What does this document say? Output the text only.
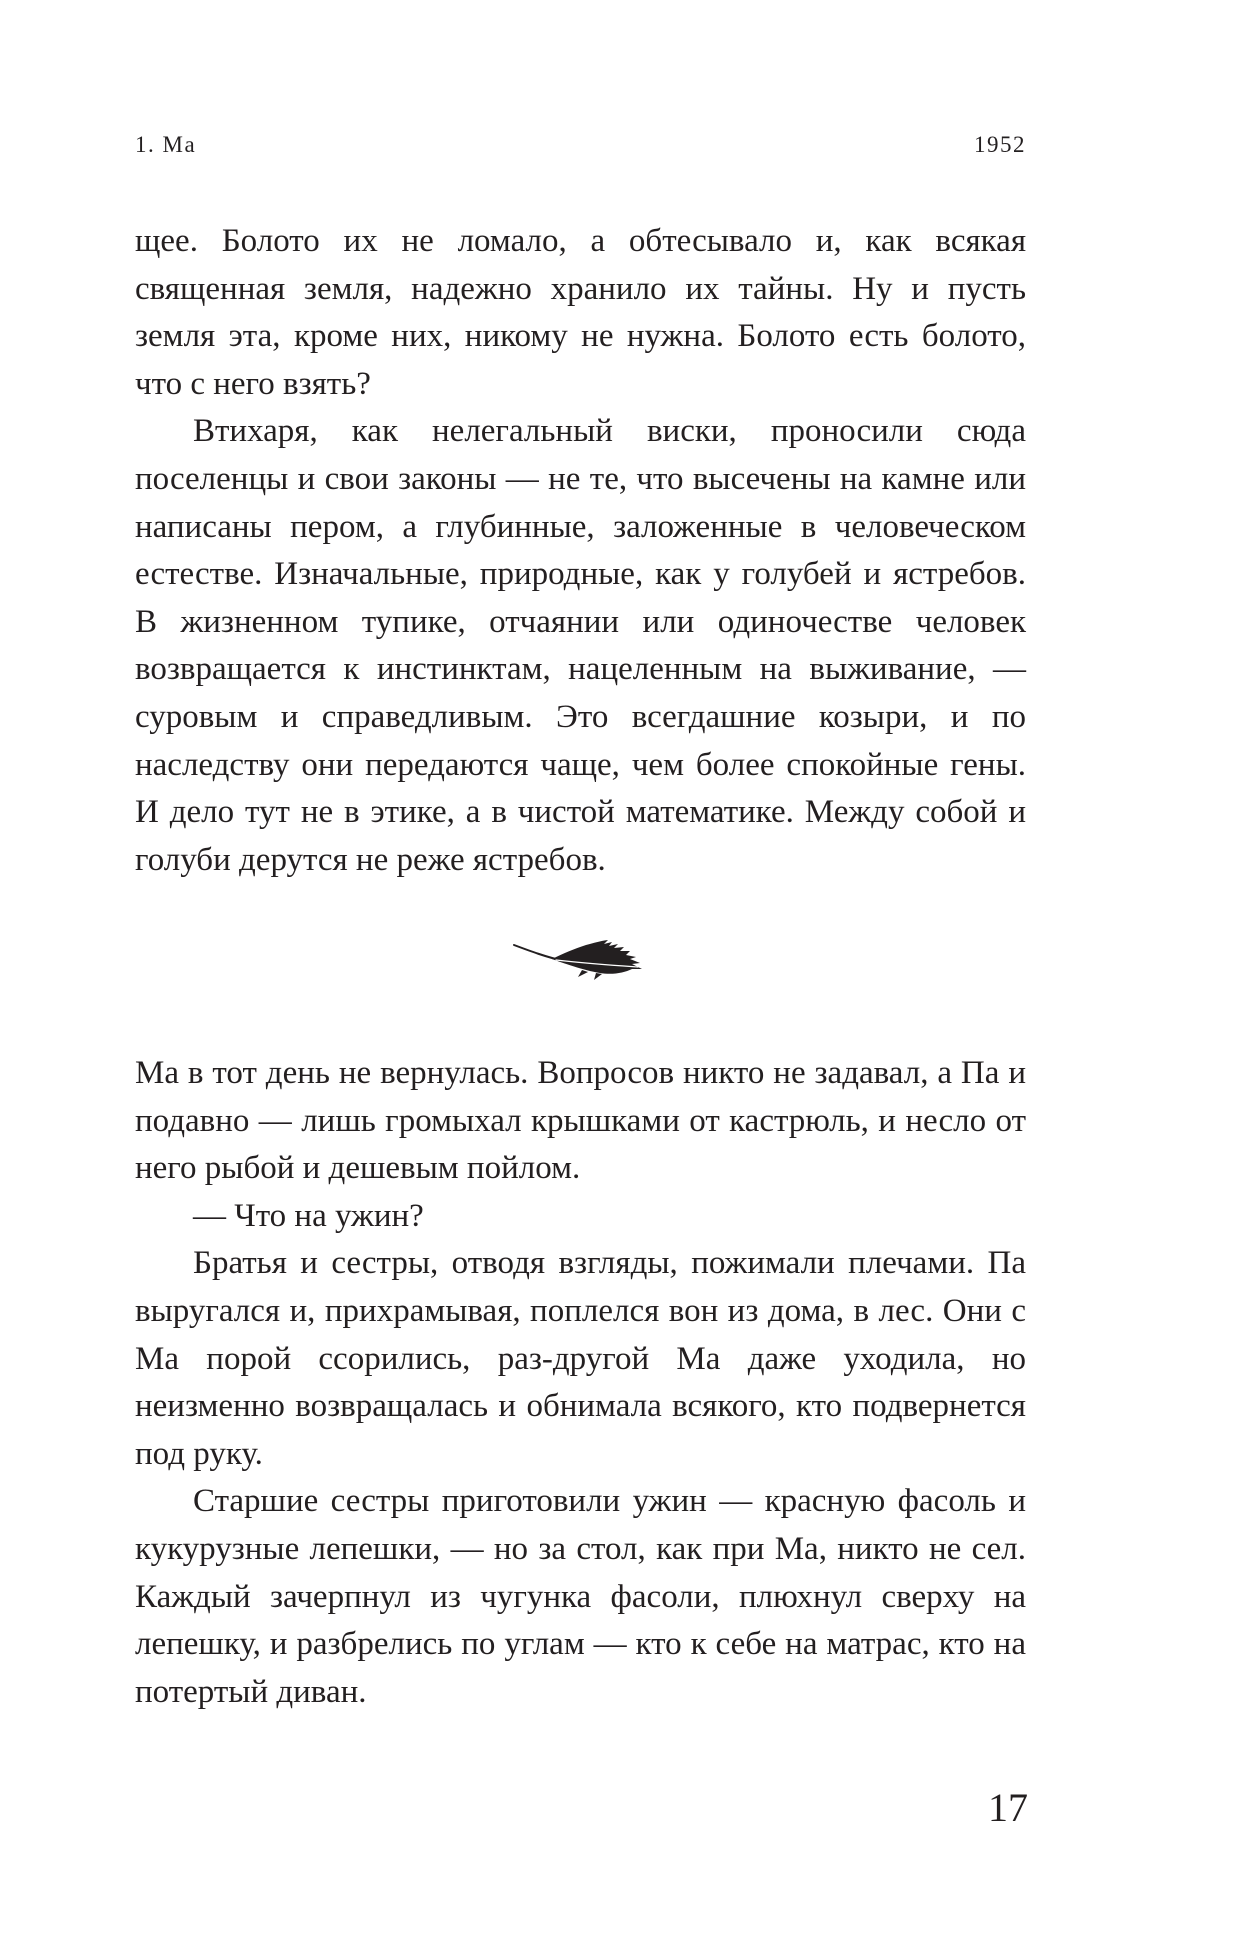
1. Ма	1952

щее. Болото их не ломало, а обтесывало и, как всякая священная земля, надежно хранило их тайны. Ну и пусть земля эта, кроме них, никому не нужна. Болото есть болото, что с него взять?

Втихаря, как нелегальный виски, проносили сюда поселенцы и свои законы — не те, что высечены на камне или написаны пером, а глубинные, заложенные в человеческом естестве. Изначальные, природные, как у голубей и ястребов. В жизненном тупике, отчаянии или одиночестве человек возвращается к инстинктам, нацеленным на выживание, — суровым и справедливым. Это всегдашние козыри, и по наследству они передаются чаще, чем более спокойные гены. И дело тут не в этике, а в чистой математике. Между собой и голуби дерутся не реже ястребов.

Ма в тот день не вернулась. Вопросов никто не задавал, а Па и подавно — лишь громыхал крышками от кастрюль, и несло от него рыбой и дешевым пойлом.

— Что на ужин?

Братья и сестры, отводя взгляды, пожимали плечами. Па выругался и, прихрамывая, поплелся вон из дома, в лес. Они с Ма порой ссорились, раз-другой Ма даже уходила, но неизменно возвращалась и обнимала всякого, кто подвернется под руку.

Старшие сестры приготовили ужин — красную фасоль и кукурузные лепешки, — но за стол, как при Ма, никто не сел. Каждый зачерпнул из чугунка фасоли, плюхнул сверху на лепешку, и разбрелись по углам — кто к себе на матрас, кто на потертый диван.

17
